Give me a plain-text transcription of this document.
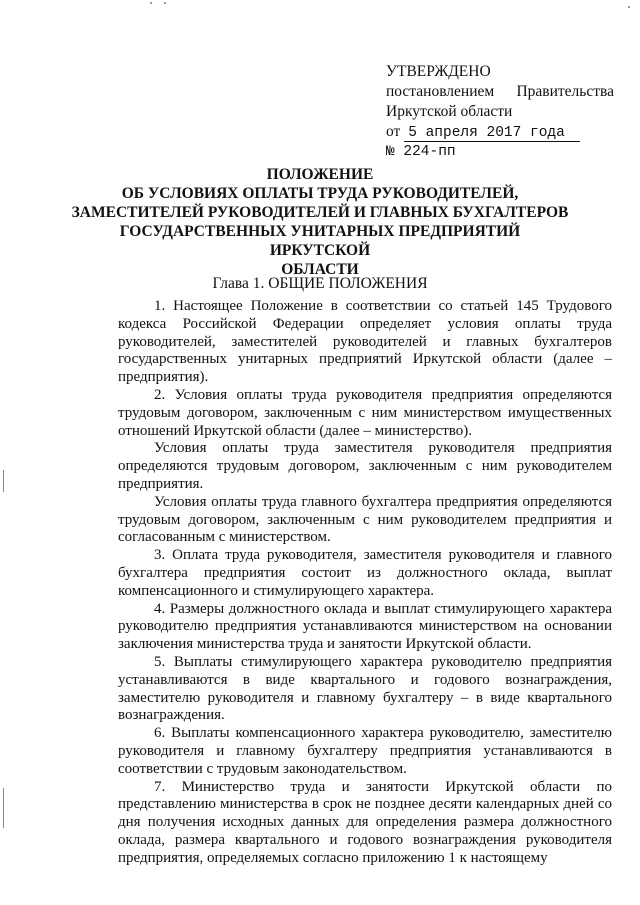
УТВЕРЖДЕНО
постановлением Правительства
Иркутской области
от 5 апреля 2017 года
№ 224-пп
ПОЛОЖЕНИЕ
ОБ УСЛОВИЯХ ОПЛАТЫ ТРУДА РУКОВОДИТЕЛЕЙ,
ЗАМЕСТИТЕЛЕЙ РУКОВОДИТЕЛЕЙ И ГЛАВНЫХ БУХГАЛТЕРОВ
ГОСУДАРСТВЕННЫХ УНИТАРНЫХ ПРЕДПРИЯТИЙ ИРКУТСКОЙ
ОБЛАСТИ
Глава 1. ОБЩИЕ ПОЛОЖЕНИЯ

1. Настоящее Положение в соответствии со статьей 145 Трудового кодекса Российской Федерации определяет условия оплаты труда руководителей, заместителей руководителей и главных бухгалтеров государственных унитарных предприятий Иркутской области (далее – предприятия).

2. Условия оплаты труда руководителя предприятия определяются трудовым договором, заключенным с ним министерством имущественных отношений Иркутской области (далее – министерство).

Условия оплаты труда заместителя руководителя предприятия определяются трудовым договором, заключенным с ним руководителем предприятия.

Условия оплаты труда главного бухгалтера предприятия определяются трудовым договором, заключенным с ним руководителем предприятия и согласованным с министерством.

3. Оплата труда руководителя, заместителя руководителя и главного бухгалтера предприятия состоит из должностного оклада, выплат компенсационного и стимулирующего характера.

4. Размеры должностного оклада и выплат стимулирующего характера руководителю предприятия устанавливаются министерством на основании заключения министерства труда и занятости Иркутской области.

5. Выплаты стимулирующего характера руководителю предприятия устанавливаются в виде квартального и годового вознаграждения, заместителю руководителя и главному бухгалтеру – в виде квартального вознаграждения.

6. Выплаты компенсационного характера руководителю, заместителю руководителя и главному бухгалтеру предприятия устанавливаются в соответствии с трудовым законодательством.

7. Министерство труда и занятости Иркутской области по представлению министерства в срок не позднее десяти календарных дней со дня получения исходных данных для определения размера должностного оклада, размера квартального и годового вознаграждения руководителя предприятия, определяемых согласно приложению 1 к настоящему
